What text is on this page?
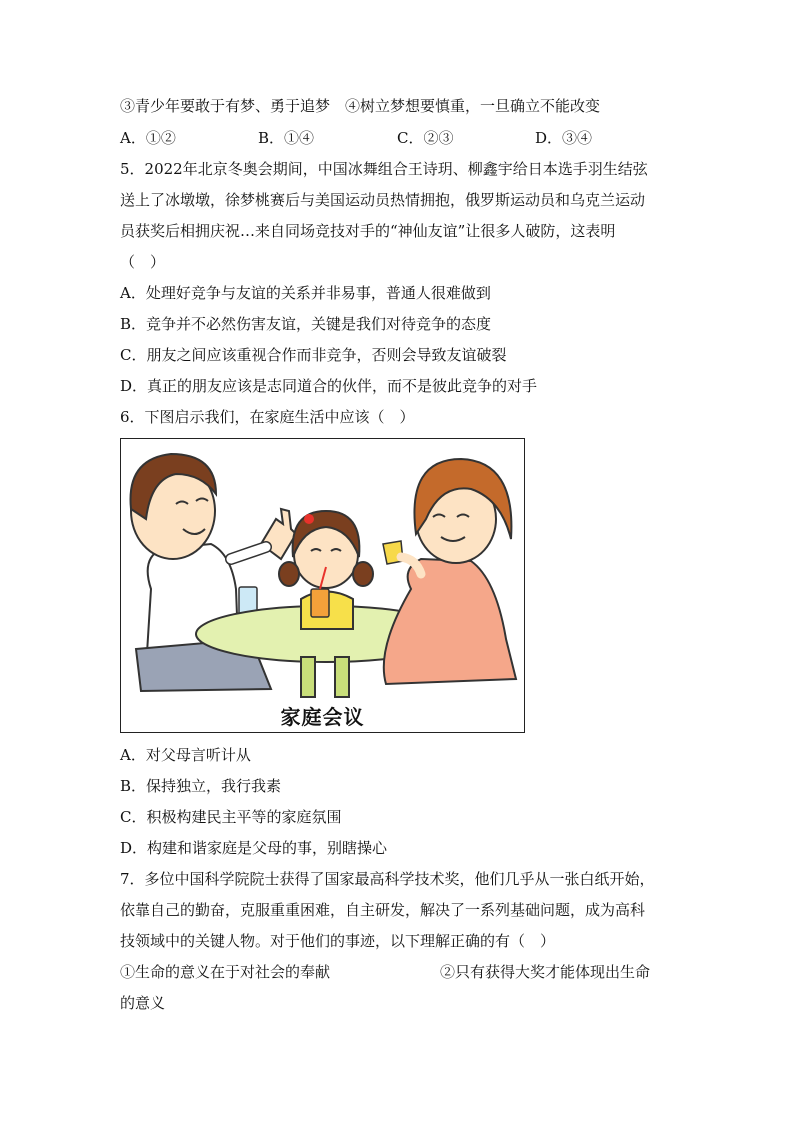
③青少年要敢于有梦、勇于追梦　④树立梦想要慎重，一旦确立不能改变
A．①②	B．①④	C．②③	D．③④
5．2022年北京冬奥会期间，中国冰舞组合王诗玥、柳鑫宇给日本选手羽生结弦
送上了冰墩墩，徐梦桃赛后与美国运动员热情拥抱，俄罗斯运动员和乌克兰运动
员获奖后相拥庆祝…来自同场竞技对手的“神仙友谊”让很多人破防，这表明
（　）
A．处理好竞争与友谊的关系并非易事，普通人很难做到
B．竞争并不必然伤害友谊，关键是我们对待竞争的态度
C．朋友之间应该重视合作而非竞争，否则会导致友谊破裂
D．真正的朋友应该是志同道合的伙伴，而不是彼此竞争的对手
6．下图启示我们，在家庭生活中应该（　）
家庭会议
A．对父母言听计从
B．保持独立，我行我素
C．积极构建民主平等的家庭氛围
D．构建和谐家庭是父母的事，别瞎操心
7．多位中国科学院院士获得了国家最高科学技术奖，他们几乎从一张白纸开始，
依靠自己的勤奋，克服重重困难，自主研发，解决了一系列基础问题，成为高科
技领域中的关键人物。对于他们的事迹，以下理解正确的有（　）
①生命的意义在于对社会的奉献	②只有获得大奖才能体现出生命
的意义
